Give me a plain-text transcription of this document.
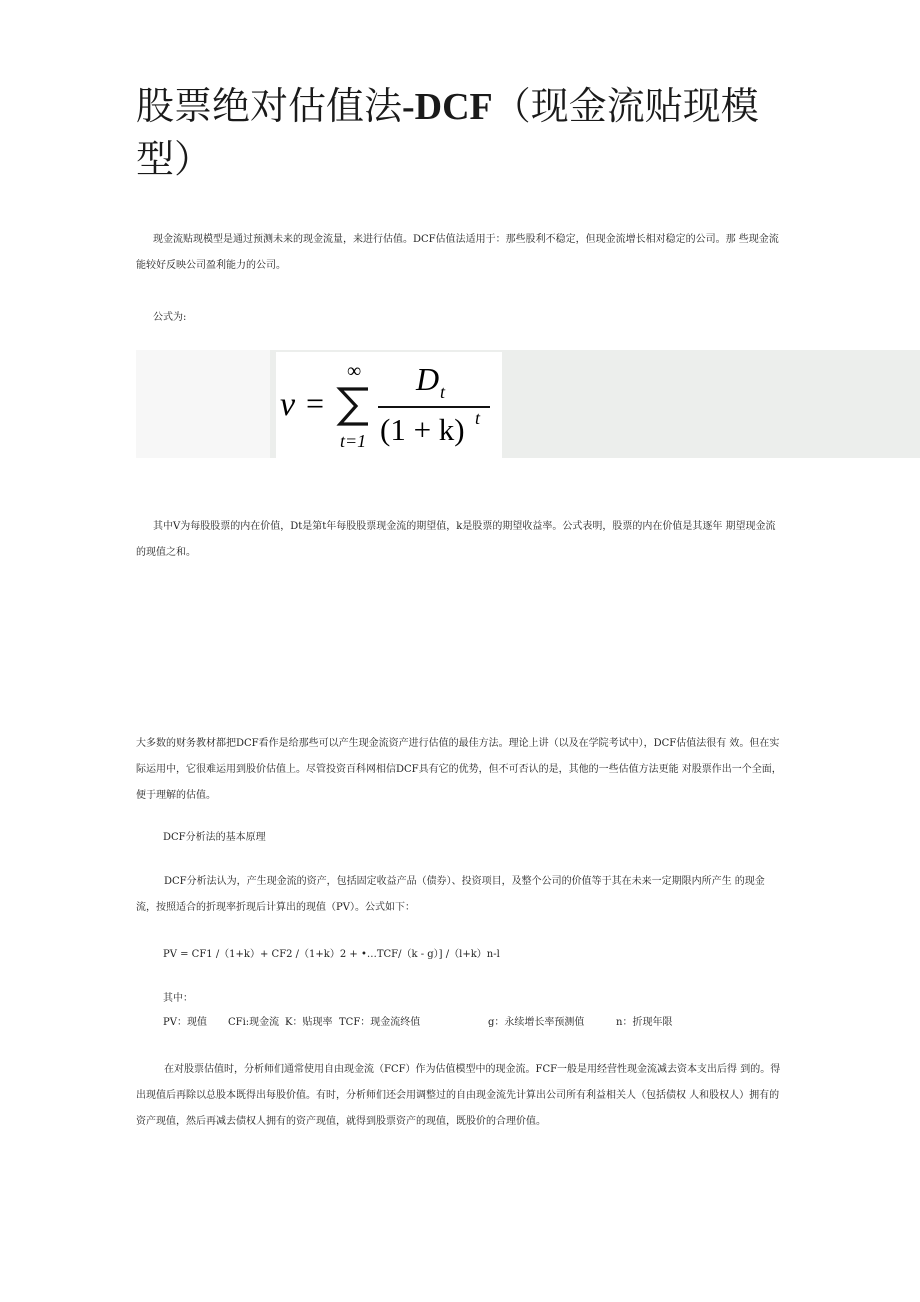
股票绝对估值法-DCF（现金流贴现模型）

现金流贴现模型是通过预测未来的现金流量，来进行估值。DCF估值法适用于：那些股利不稳定，但现金流增长相对稳定的公司。那 些现金流能较好反映公司盈利能力的公司。

公式为:

v =
∞
t=1
D t
(1 + k) t

其中V为每股股票的内在价值，Dt是第t年每股股票现金流的期望值，k是股票的期望收益率。公式表明，股票的内在价值是其逐年 期望现金流的现值之和。

大多数的财务教材都把DCF看作是给那些可以产生现金流资产进行估值的最佳方法。理论上讲（以及在学院考试中），DCF估值法很有 效。但在实际运用中，它很难运用到股价估值上。尽管投资百科网相信DCF具有它的优势，但不可否认的是，其他的一些估值方法更能 对股票作出一个全面，便于理解的估值。

DCF分析法的基本原理

DCF分析法认为，产生现金流的资产，包括固定收益产品（债券）、投资项目，及整个公司的价值等于其在未来一定期限内所产生 的现金流，按照适合的折现率折现后计算出的现值（PV）。公式如下：

PV = CF1 /（1+k）+ CF2 /（1+k）2 + •…TCF/（k - g）] /（l+k）n-l

其中：

PV：现值 CFi:现金流 K：贴现率 TCF：现金流终值	g：永续增长率预测值	n：折现年限

在对股票估值时，分析师们通常使用自由现金流（FCF）作为估值模型中的现金流。FCF一般是用经营性现金流减去资本支出后得 到的。得出现值后再除以总股本既得出每股价值。有时，分析师们还会用调整过的自由现金流先计算出公司所有利益相关人（包括债权 人和股权人）拥有的资产现值，然后再减去债权人拥有的资产现值，就得到股票资产的现值，既股价的合理价值。
